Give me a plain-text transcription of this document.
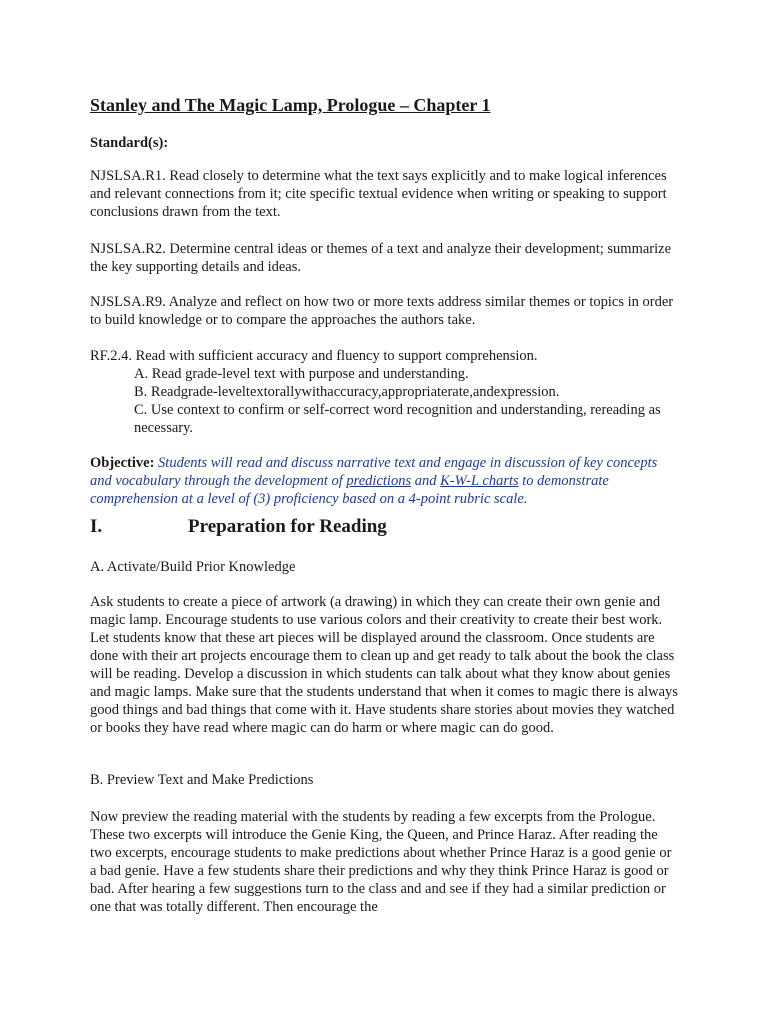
Stanley and The Magic Lamp, Prologue – Chapter 1

Standard(s):

NJSLSA.R1. Read closely to determine what the text says explicitly and to make logical inferences and relevant connections from it; cite specific textual evidence when writing or speaking to support conclusions drawn from the text.

NJSLSA.R2. Determine central ideas or themes of a text and analyze their development; summarize the key supporting details and ideas.

NJSLSA.R9. Analyze and reflect on how two or more texts address similar themes or topics in order to build knowledge or to compare the approaches the authors take.

RF.2.4. Read with sufficient accuracy and fluency to support comprehension.
A. Read grade-level text with purpose and understanding.
B. Readgrade-leveltextorallywithaccuracy,appropriaterate,andexpression.
C. Use context to confirm or self-correct word recognition and understanding, rereading as necessary.

Objective: Students will read and discuss narrative text and engage in discussion of key concepts and vocabulary through the development of predictions and K-W-L charts to demonstrate comprehension at a level of (3) proficiency based on a 4-point rubric scale.

I.	Preparation for Reading

A. Activate/Build Prior Knowledge

Ask students to create a piece of artwork (a drawing) in which they can create their own genie and magic lamp. Encourage students to use various colors and their creativity to create their best work. Let students know that these art pieces will be displayed around the classroom. Once students are done with their art projects encourage them to clean up and get ready to talk about the book the class will be reading. Develop a discussion in which students can talk about what they know about genies and magic lamps. Make sure that the students understand that when it comes to magic there is always good things and bad things that come with it. Have students share stories about movies they watched or books they have read where magic can do harm or where magic can do good.

B. Preview Text and Make Predictions

Now preview the reading material with the students by reading a few excerpts from the Prologue. These two excerpts will introduce the Genie King, the Queen, and Prince Haraz. After reading the two excerpts, encourage students to make predictions about whether Prince Haraz is a good genie or a bad genie. Have a few students share their predictions and why they think Prince Haraz is good or bad. After hearing a few suggestions turn to the class and and see if they had a similar prediction or one that was totally different. Then encourage the
